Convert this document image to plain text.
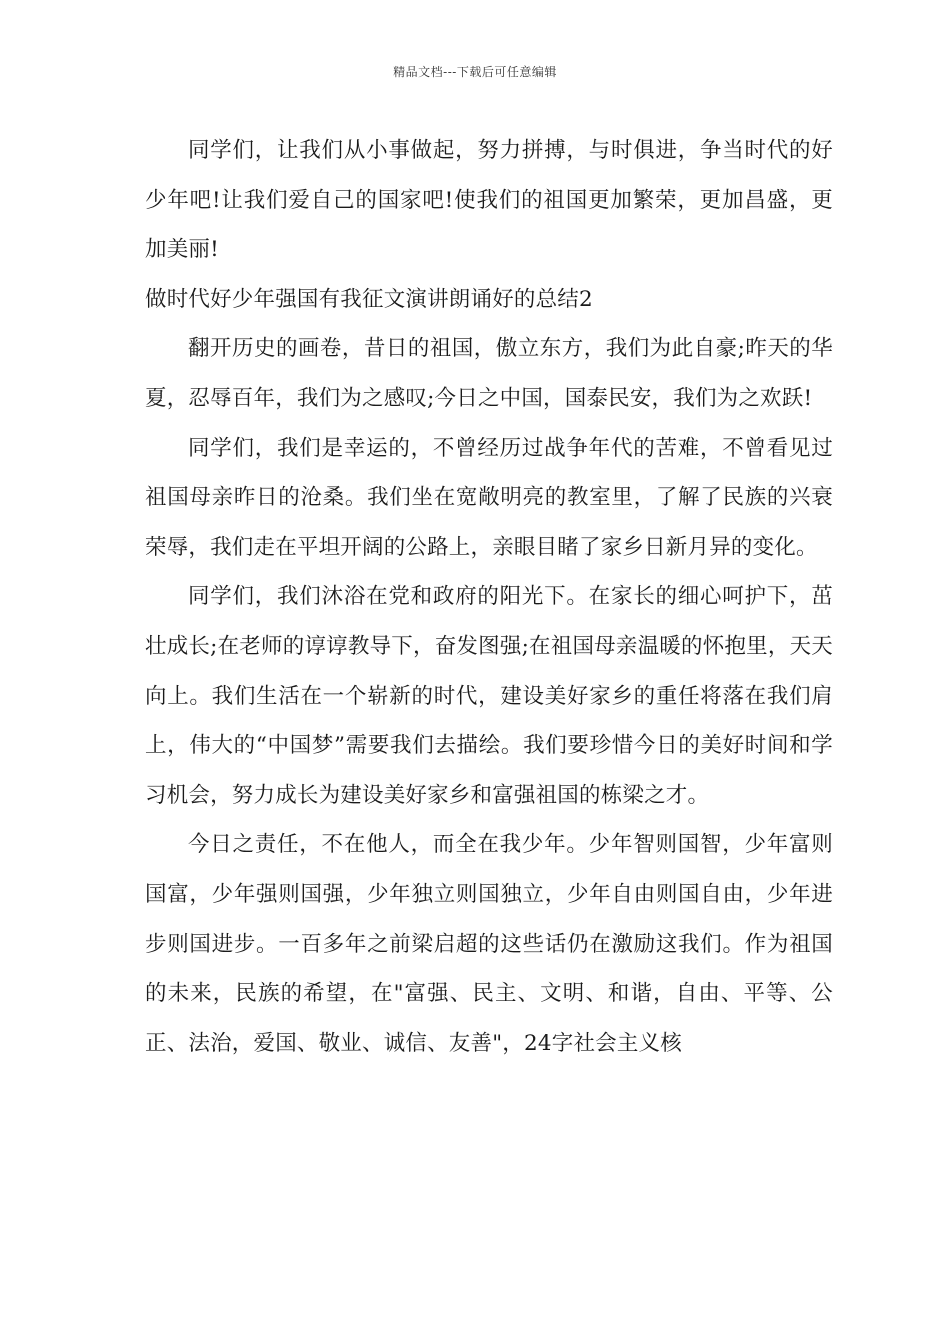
精品文档---下载后可任意编辑

同学们，让我们从小事做起，努力拼搏，与时俱进，争当时代的好少年吧!让我们爱自己的国家吧!使我们的祖国更加繁荣，更加昌盛，更加美丽!

做时代好少年强国有我征文演讲朗诵好的总结2

翻开历史的画卷，昔日的祖国，傲立东方，我们为此自豪;昨天的华夏，忍辱百年，我们为之感叹;今日之中国，国泰民安，我们为之欢跃!

同学们，我们是幸运的，不曾经历过战争年代的苦难，不曾看见过祖国母亲昨日的沧桑。我们坐在宽敞明亮的教室里，了解了民族的兴衰荣辱，我们走在平坦开阔的公路上，亲眼目睹了家乡日新月异的变化。

同学们，我们沐浴在党和政府的阳光下。在家长的细心呵护下，茁壮成长;在老师的谆谆教导下，奋发图强;在祖国母亲温暖的怀抱里，天天向上。我们生活在一个崭新的时代，建设美好家乡的重任将落在我们肩上，伟大的“中国梦”需要我们去描绘。我们要珍惜今日的美好时间和学习机会，努力成长为建设美好家乡和富强祖国的栋梁之才。

今日之责任，不在他人，而全在我少年。少年智则国智，少年富则国富，少年强则国强，少年独立则国独立，少年自由则国自由，少年进步则国进步。一百多年之前梁启超的这些话仍在激励这我们。作为祖国的未来，民族的希望，在"富强、民主、文明、和谐，自由、平等、公正、法治，爱国、敬业、诚信、友善"，24字社会主义核
